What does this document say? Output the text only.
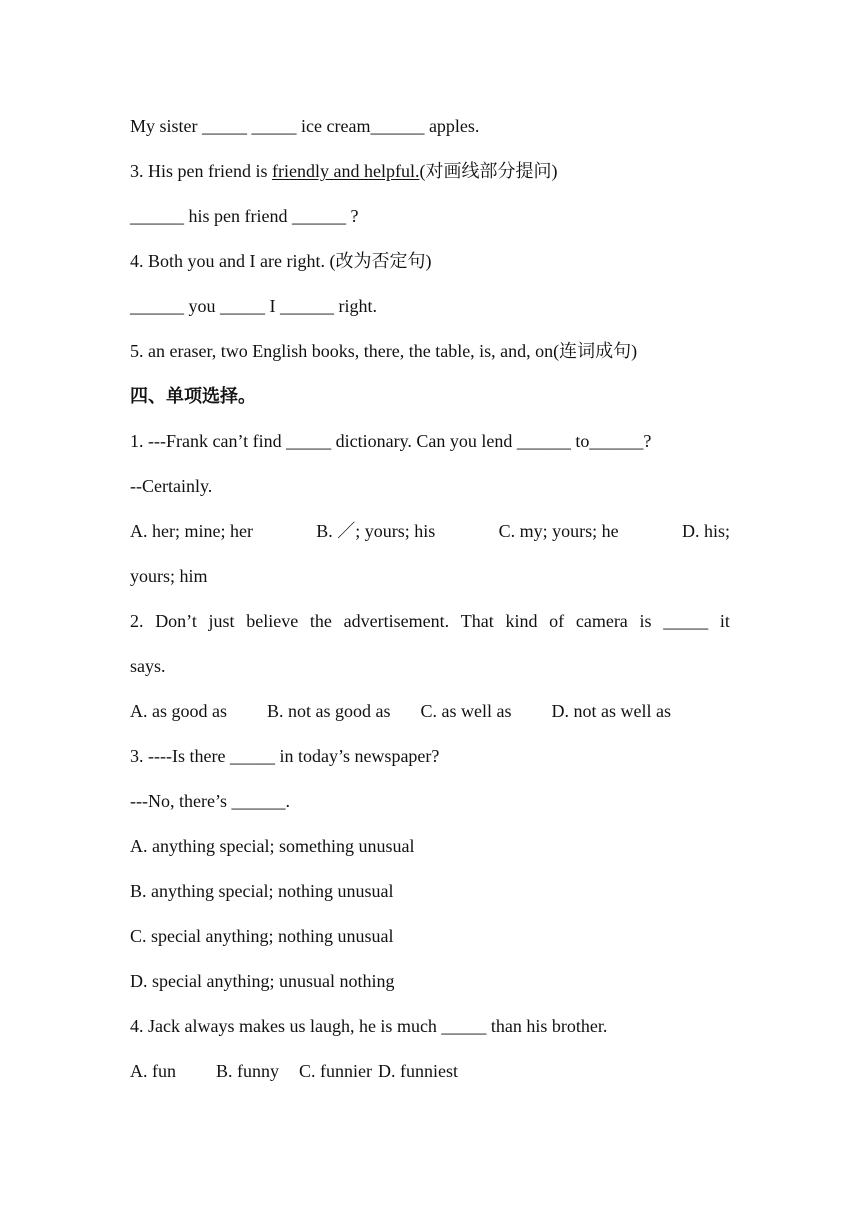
My sister _____ _____ ice cream______ apples.
3. His pen friend is friendly and helpful.(对画线部分提问)
______ his pen friend ______ ?
4. Both you and I are right. (改为否定句)
______ you _____ I ______ right.
5. an eraser, two English books, there, the table, is, and, on(连词成句)
四、单项选择。
1. ---Frank can’t find _____ dictionary. Can you lend ______ to______?
--Certainly.
A. her; mine; her	B. ／; yours; his	C. my; yours; he	D. his;
yours; him
2. Don’t just believe the advertisement. That kind of camera is _____ it
says.
A. as good as B. not as good as C. as well as D. not as well as
3. ----Is there _____ in today’s newspaper?
---No, there’s ______.
A. anything special; something unusual
B. anything special; nothing unusual
C. special anything; nothing unusual
D. special anything; unusual nothing
4. Jack always makes us laugh, he is much _____ than his brother.
A. fun B. funny C. funnier D. funniest
